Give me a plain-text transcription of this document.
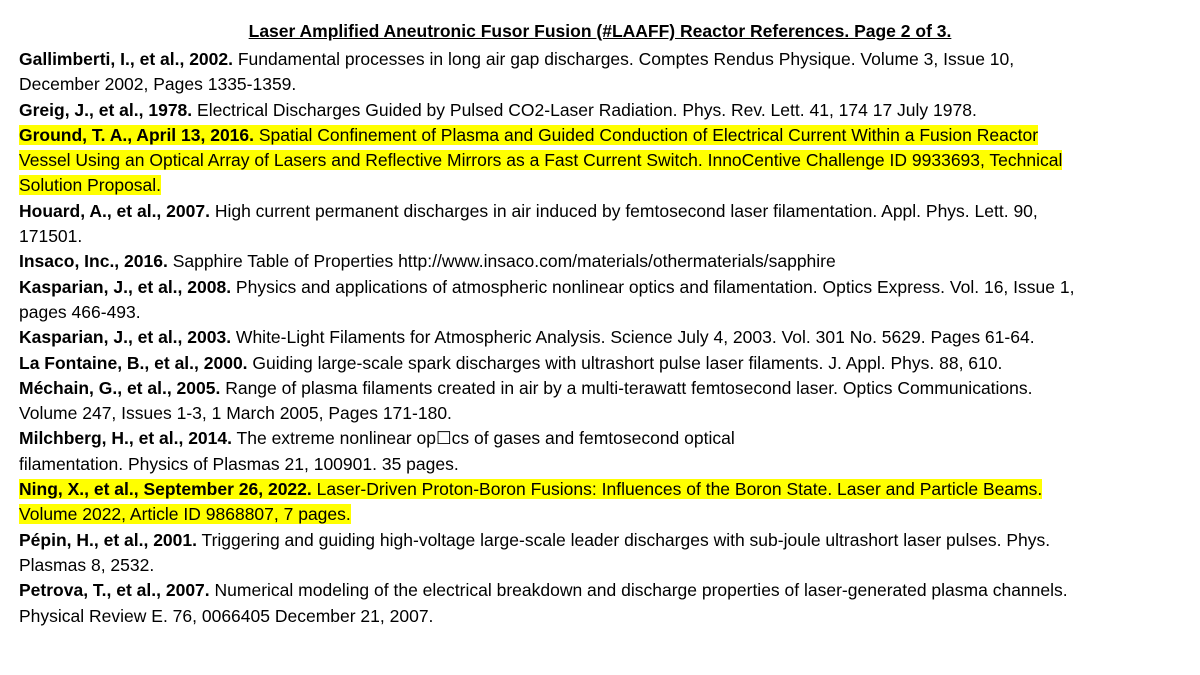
Laser Amplified Aneutronic Fusor Fusion (#LAAFF) Reactor References. Page 2 of 3.
Gallimberti, I., et al., 2002. Fundamental processes in long air gap discharges. Comptes Rendus Physique. Volume 3, Issue 10,
December 2002, Pages 1335-1359.
Greig, J., et al., 1978. Electrical Discharges Guided by Pulsed CO2-Laser Radiation. Phys. Rev. Lett. 41, 174 17 July 1978.
Ground, T. A., April 13, 2016. Spatial Confinement of Plasma and Guided Conduction of Electrical Current Within a Fusion Reactor
Vessel Using an Optical Array of Lasers and Reflective Mirrors as a Fast Current Switch. InnoCentive Challenge ID 9933693, Technical
Solution Proposal.
Houard, A., et al., 2007. High current permanent discharges in air induced by femtosecond laser filamentation. Appl. Phys. Lett. 90,
171501.
Insaco, Inc., 2016. Sapphire Table of Properties http://www.insaco.com/materials/othermaterials/sapphire
Kasparian, J., et al., 2008. Physics and applications of atmospheric nonlinear optics and filamentation. Optics Express. Vol. 16, Issue 1,
pages 466-493.
Kasparian, J., et al., 2003. White-Light Filaments for Atmospheric Analysis. Science July 4, 2003. Vol. 301 No. 5629. Pages 61-64.
La Fontaine, B., et al., 2000. Guiding large-scale spark discharges with ultrashort pulse laser filaments. J. Appl. Phys. 88, 610.
Méchain, G., et al., 2005. Range of plasma filaments created in air by a multi-terawatt femtosecond laser. Optics Communications.
Volume 247, Issues 1-3, 1 March 2005, Pages 171-180.
Milchberg, H., et al., 2014. The extreme nonlinear op☐cs of gases and femtosecond optical
filamentation. Physics of Plasmas 21, 100901. 35 pages.
Ning, X., et al., September 26, 2022. Laser-Driven Proton-Boron Fusions: Influences of the Boron State. Laser and Particle Beams.
Volume 2022, Article ID 9868807, 7 pages.
Pépin, H., et al., 2001. Triggering and guiding high-voltage large-scale leader discharges with sub-joule ultrashort laser pulses. Phys.
Plasmas 8, 2532.
Petrova, T., et al., 2007. Numerical modeling of the electrical breakdown and discharge properties of laser-generated plasma channels.
Physical Review E. 76, 0066405 December 21, 2007.
